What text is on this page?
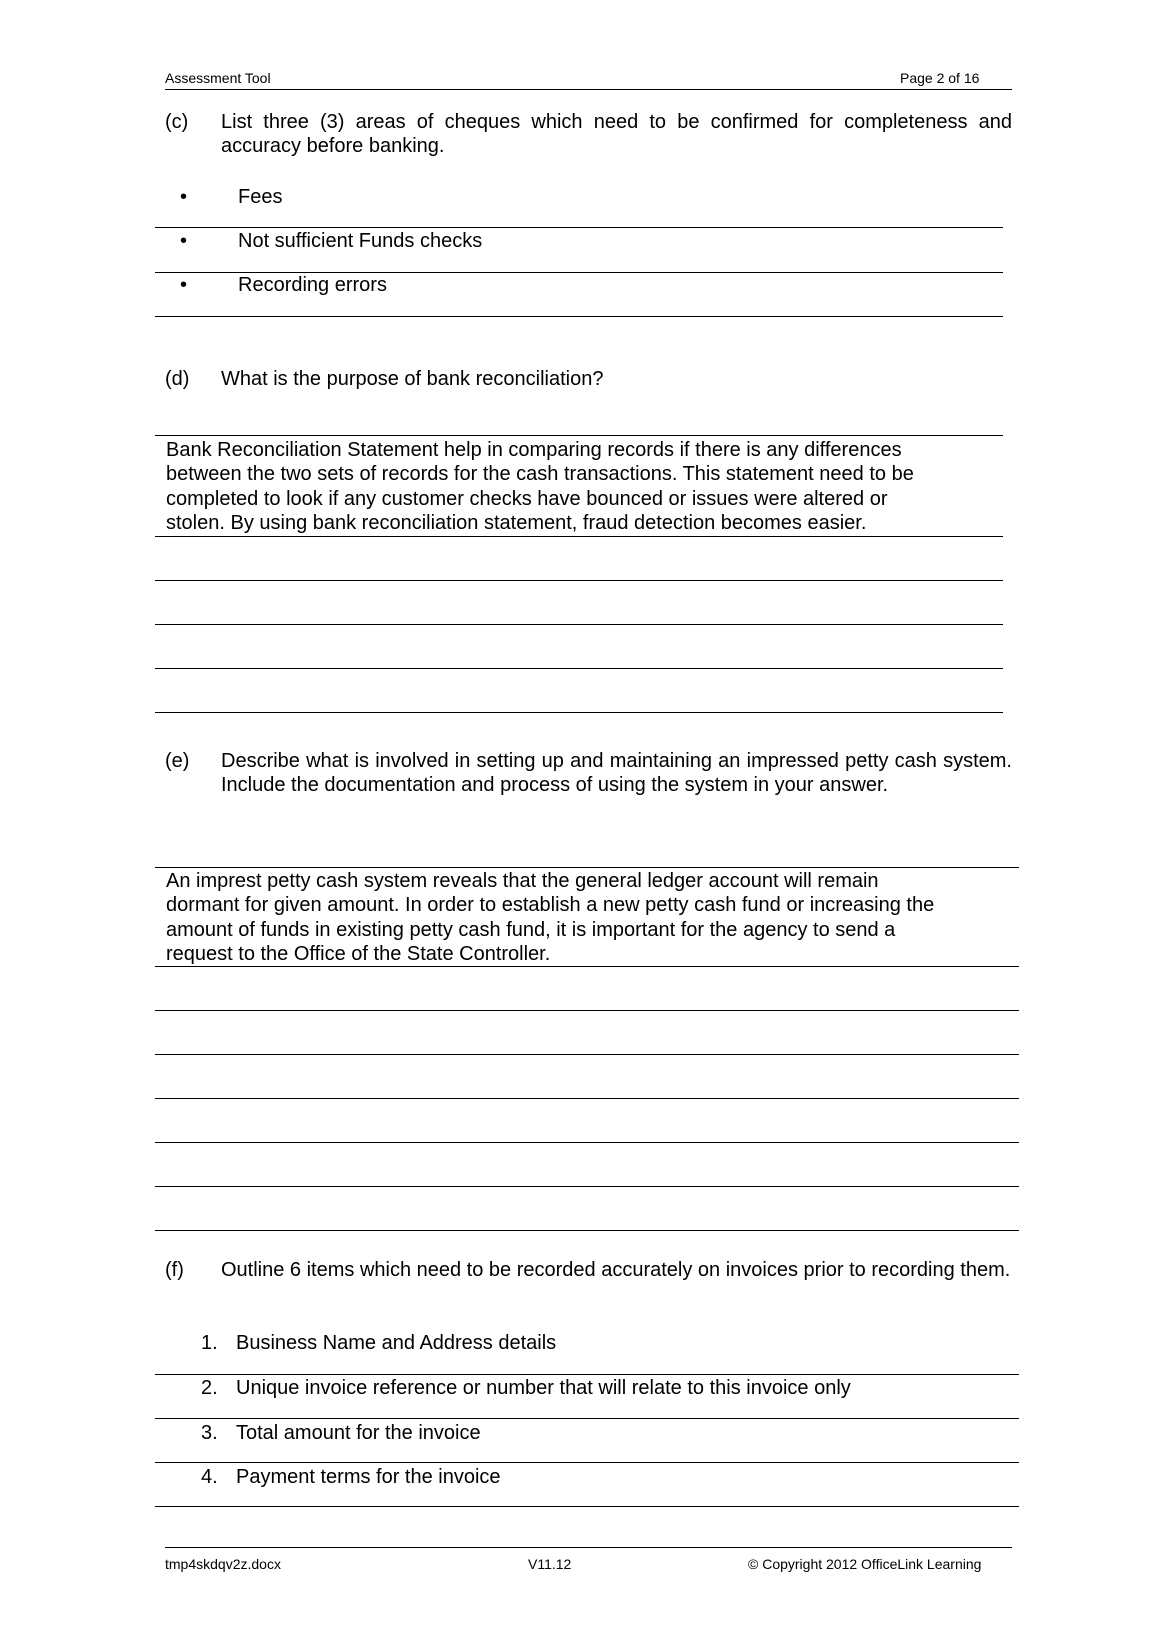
Assessment Tool	Page 2 of 16
(c) List three (3) areas of cheques which need to be confirmed for completeness and accuracy before banking.
•	Fees
•	Not sufficient Funds checks
•	Recording errors
(d) What is the purpose of bank reconciliation?
Bank Reconciliation Statement help in comparing records if there is any differences
between the two sets of records for the cash transactions. This statement need to be
completed to look if any customer checks have bounced or issues were altered or
stolen. By using bank reconciliation statement, fraud detection becomes easier.
(e) Describe what is involved in setting up and maintaining an impressed petty cash system. Include the documentation and process of using the system in your answer.
An imprest petty cash system reveals that the general ledger account will remain
dormant for given amount. In order to establish a new petty cash fund or increasing the
amount of funds in existing petty cash fund, it is important for the agency to send a
request to the Office of the State Controller.
(f) Outline 6 items which need to be recorded accurately on invoices prior to recording them.
1. Business Name and Address details
2. Unique invoice reference or number that will relate to this invoice only
3. Total amount for the invoice
4. Payment terms for the invoice
tmp4skdqv2z.docx	V11.12	© Copyright 2012 OfficeLink Learning
